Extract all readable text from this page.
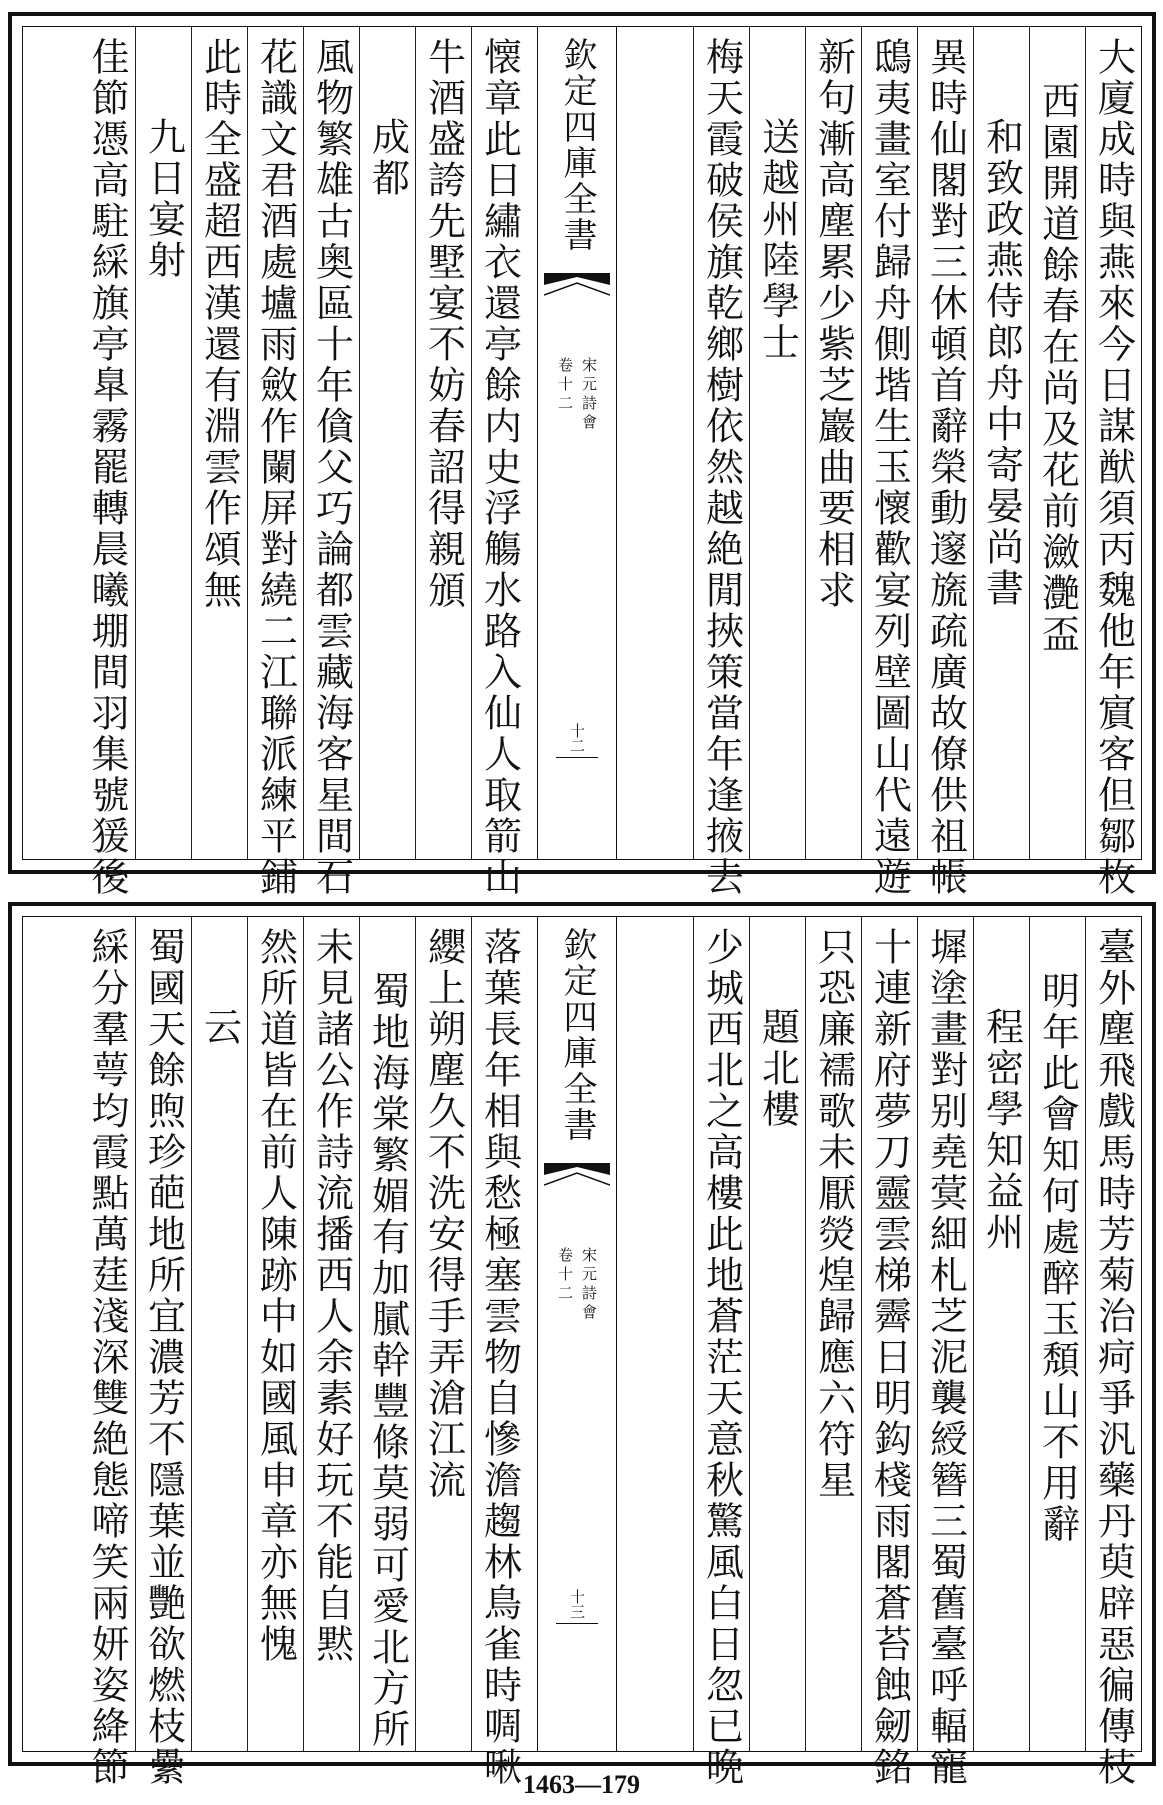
大廈成時與燕來今日謀猷須丙魏他年賔客但鄒枚
西園開道餘春在尚及花前瀲灔盃
和致政燕侍郎舟中寄晏尚書
異時仙閣對三休頓首辭榮動邃旒疏廣故僚供祖帳
鴟夷畫室付歸舟側堦生玉懷歡宴列壁圖山代遠遊
新句漸高塵累少紫芝巖曲要相求
送越州陸學士
梅天霞破侯旗乾鄉樹依然越絶閒挾策當年逢掖去
欽定四庫全書
宋元詩會
卷十二
十二
懐章此日繡衣還亭餘内史浮觴水路入仙人取箭山
牛酒盛誇先墅宴不妨春詔得親頒
成都
風物繁雄古奥區十年僋父巧論都雲藏海客星間石
花識文君酒處壚雨斂作闌屏對繞二江聯派練平鋪
此時全盛超西漢還有淵雲作頌無
九日宴射
佳節憑高駐綵旗亭臯霧罷轉晨曦堋間羽集號猨後
臺外塵飛戲馬時芳菊治疴爭汎藥丹萸辟惡徧傳枝
明年此會知何處醉玉頽山不用辭
程密學知益州
墀塗畫對别堯蓂細札芝泥襲綬簪三蜀舊臺呼輻寵
十連新府夢刀靈雲梯霽日明鈎棧雨閣蒼苔蝕劒銘
只恐廉襦歌未厭熒煌歸應六符星
題北樓
少城西北之高樓此地蒼茫天意秋驚風白日忽已晩
欽定四庫全書
宋元詩會
卷十二
十三
落葉長年相與愁極塞雲物自慘澹趨林鳥雀時啁啾
纓上朔塵久不洗安得手弄滄江流
蜀地海棠繁媚有加膩幹豐條莫弱可愛北方所
未見諸公作詩流播西人余素好玩不能自黙
然所道皆在前人陳跡中如國風申章亦無愧
云
蜀國天餘煦珍葩地所宜濃芳不隱葉並艷欲燃枝纍
綵分羣萼均霞點萬莛淺深雙絶態啼笑兩妍姿絳節	1463—179
